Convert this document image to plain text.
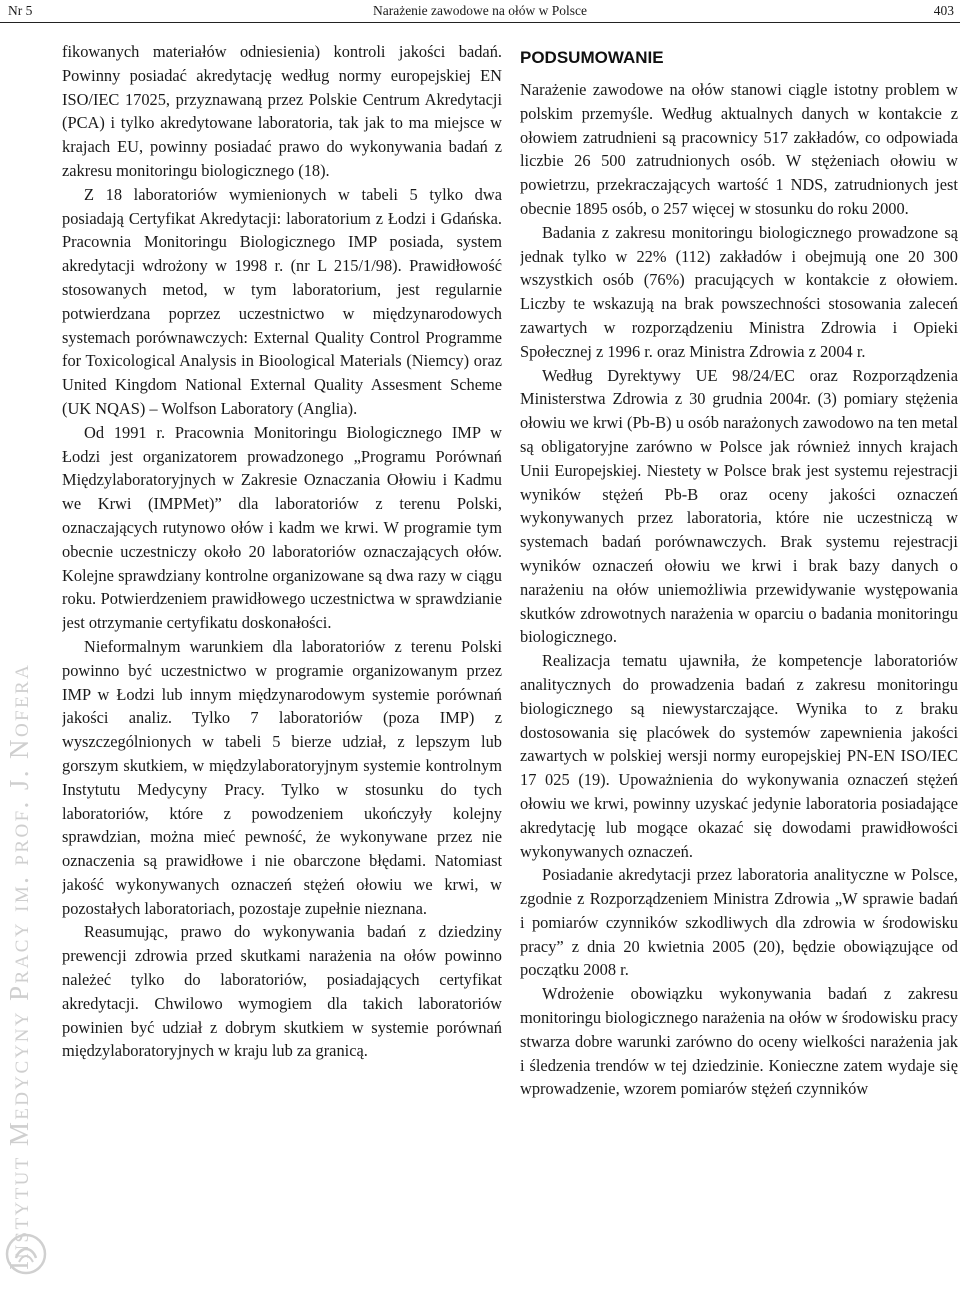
Nr 5	Narażenie zawodowe na ołów w Polsce	403
Instytut Medycyny Pracy im. prof. J. Nofera

fikowanych materiałów odniesienia) kontroli jakości badań. Powinny posiadać akredytację według normy europejskiej EN ISO/IEC 17025, przyznawaną przez Polskie Centrum Akredytacji (PCA) i tylko akredytowane laboratoria, tak jak to ma miejsce w krajach EU, powinny posiadać prawo do wykonywania badań z zakresu monitoringu biologicznego (18).

Z 18 laboratoriów wymienionych w tabeli 5 tylko dwa posiadają Certyfikat Akredytacji: laboratorium z Łodzi i Gdańska. Pracownia Monitoringu Biologicznego IMP posiada, system akredytacji wdrożony w 1998 r. (nr L 215/1/98). Prawidłowość stosowanych metod, w tym laboratorium, jest regularnie potwierdzana poprzez uczestnictwo w międzynarodowych systemach porównawczych: External Quality Control Programme for Toxicological Analysis in Bioological Materials (Niemcy) oraz United Kingdom National External Quality Assesment Scheme (UK NQAS) – Wolfson Laboratory (Anglia).

Od 1991 r. Pracownia Monitoringu Biologicznego IMP w Łodzi jest organizatorem prowadzonego „Programu Porównań Międzylaboratoryjnych w Zakresie Oznaczania Ołowiu i Kadmu we Krwi (IMPMet)” dla laboratoriów z terenu Polski, oznaczających rutynowo ołów i kadm we krwi. W programie tym obecnie uczestniczy około 20 laboratoriów oznaczających ołów. Kolejne sprawdziany kontrolne organizowane są dwa razy w ciągu roku. Potwierdzeniem prawidłowego uczestnictwa w sprawdzianie jest otrzymanie certyfikatu doskonałości.

Nieformalnym warunkiem dla laboratoriów z terenu Polski powinno być uczestnictwo w programie organizowanym przez IMP w Łodzi lub innym międzynarodowym systemie porównań jakości analiz. Tylko 7 laboratoriów (poza IMP) z wyszczególnionych w tabeli 5 bierze udział, z lepszym lub gorszym skutkiem, w międzylaboratoryjnym systemie kontrolnym Instytutu Medycyny Pracy. Tylko w stosunku do tych laboratoriów, które z powodzeniem ukończyły kolejny sprawdzian, można mieć pewność, że wykonywane przez nie oznaczenia są prawidłowe i nie obarczone błędami. Natomiast jakość wykonywanych oznaczeń stężeń ołowiu we krwi, w pozostałych laboratoriach, pozostaje zupełnie nieznana.

Reasumując, prawo do wykonywania badań z dziedziny prewencji zdrowia przed skutkami narażenia na ołów powinno należeć tylko do laboratoriów, posiadających certyfikat akredytacji. Chwilowo wymogiem dla takich laboratoriów powinien być udział z dobrym skutkiem w systemie porównań międzylaboratoryjnych w kraju lub za granicą.

PODSUMOWANIE

Narażenie zawodowe na ołów stanowi ciągle istotny problem w polskim przemyśle. Według aktualnych danych w kontakcie z ołowiem zatrudnieni są pracownicy 517 zakładów, co odpowiada liczbie 26 500 zatrudnionych osób. W stężeniach ołowiu w powietrzu, przekraczających wartość 1 NDS, zatrudnionych jest obecnie 1895 osób, o 257 więcej w stosunku do roku 2000.

Badania z zakresu monitoringu biologicznego prowadzone są jednak tylko w 22% (112) zakładów i obejmują one 20 300 wszystkich osób (76%) pracujących w kontakcie z ołowiem. Liczby te wskazują na brak powszechności stosowania zaleceń zawartych w rozporządzeniu Ministra Zdrowia i Opieki Społecznej z 1996 r. oraz Ministra Zdrowia z 2004 r.

Według Dyrektywy UE 98/24/EC oraz Rozporządzenia Ministerstwa Zdrowia z 30 grudnia 2004r. (3) pomiary stężenia ołowiu we krwi (Pb-B) u osób narażonych zawodowo na ten metal są obligatoryjne zarówno w Polsce jak również innych krajach Unii Europejskiej. Niestety w Polsce brak jest systemu rejestracji wyników stężeń Pb-B oraz oceny jakości oznaczeń wykonywanych przez laboratoria, które nie uczestniczą w systemach badań porównawczych. Brak systemu rejestracji wyników oznaczeń ołowiu we krwi i brak bazy danych o narażeniu na ołów uniemożliwia przewidywanie występowania skutków zdrowotnych narażenia w oparciu o badania monitoringu biologicznego.

Realizacja tematu ujawniła, że kompetencje laboratoriów analitycznych do prowadzenia badań z zakresu monitoringu biologicznego są niewystarczające. Wynika to z braku dostosowania się placówek do systemów zapewnienia jakości zawartych w polskiej wersji normy europejskiej PN-EN ISO/IEC 17 025 (19). Upoważnienia do wykonywania oznaczeń stężeń ołowiu we krwi, powinny uzyskać jedynie laboratoria posiadające akredytację lub mogące okazać się dowodami prawidłowości wykonywanych oznaczeń.

Posiadanie akredytacji przez laboratoria analityczne w Polsce, zgodnie z Rozporządzeniem Ministra Zdrowia „W sprawie badań i pomiarów czynników szkodliwych dla zdrowia w środowisku pracy” z dnia 20 kwietnia 2005 (20), będzie obowiązujące od początku 2008 r.

Wdrożenie obowiązku wykonywania badań z zakresu monitoringu biologicznego narażenia na ołów w środowisku pracy stwarza dobre warunki zarówno do oceny wielkości narażenia jak i śledzenia trendów w tej dziedzinie. Konieczne zatem wydaje się wprowadzenie, wzorem pomiarów stężeń czynników
